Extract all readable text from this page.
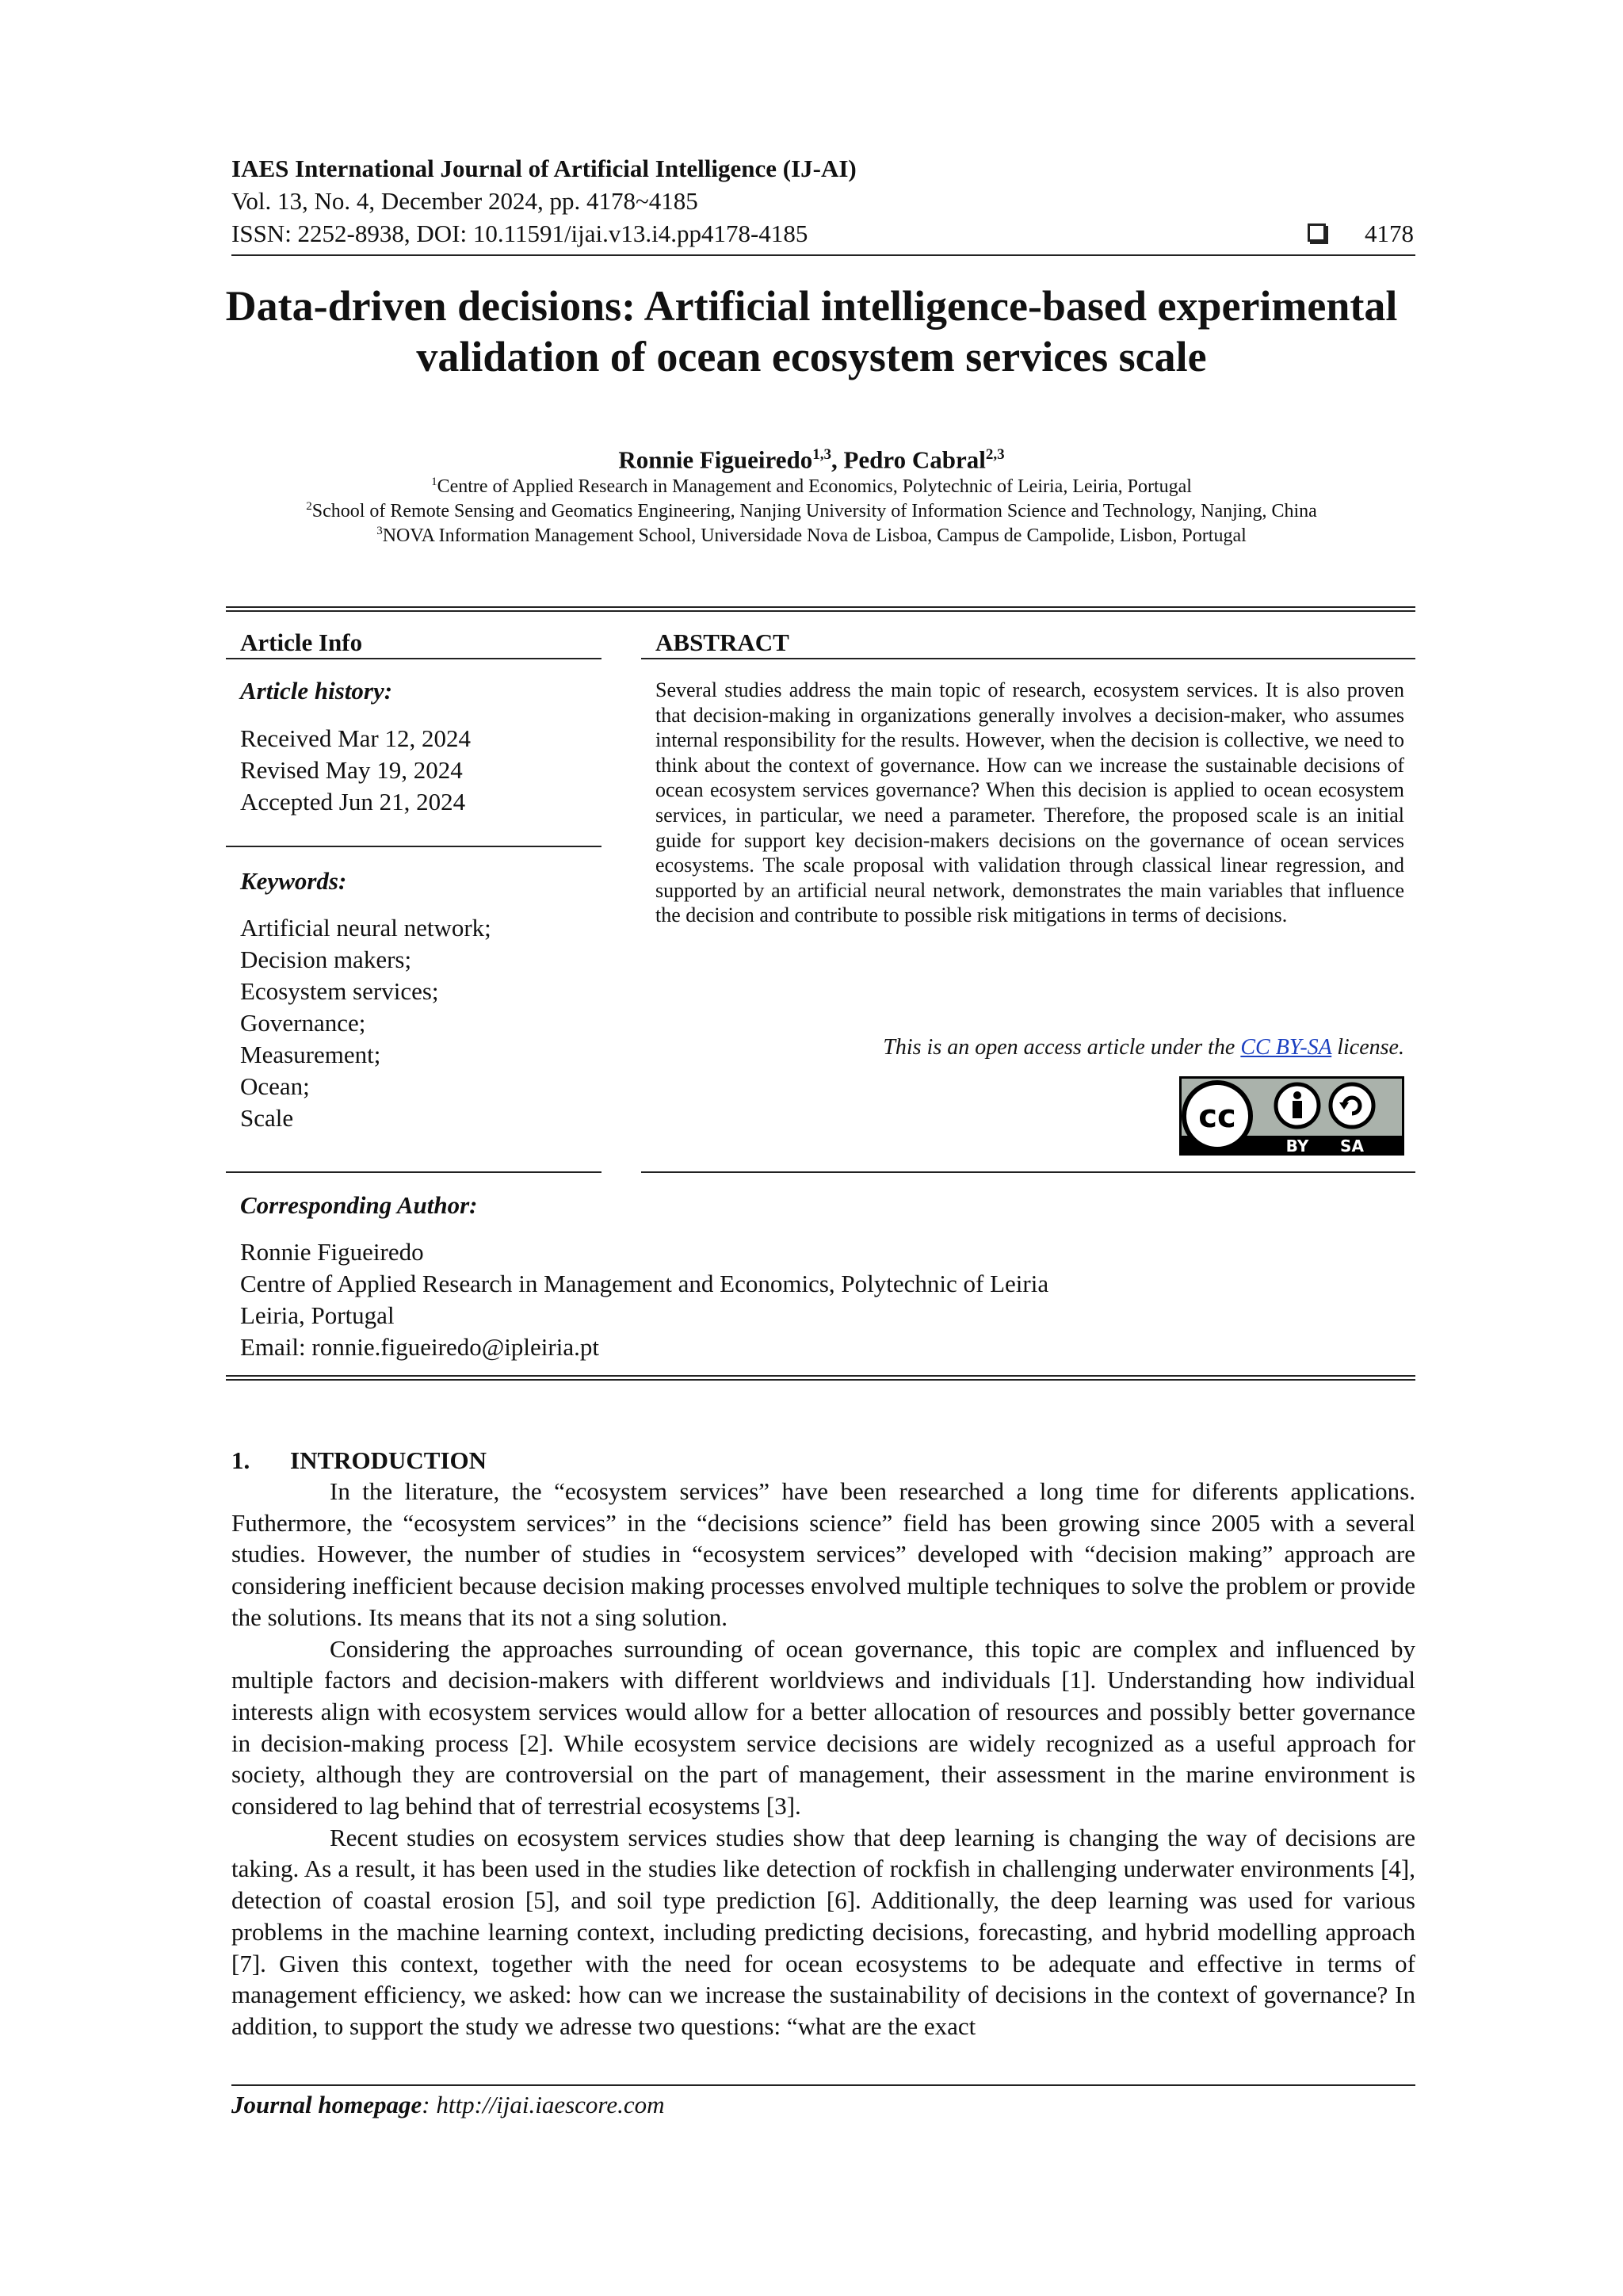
IAES International Journal of Artificial Intelligence (IJ-AI)
Vol. 13, No. 4, December 2024, pp. 4178~4185
ISSN: 2252-8938, DOI: 10.11591/ijai.v13.i4.pp4178-4185	4178
Data-driven decisions: Artificial intelligence-based experimental
validation of ocean ecosystem services scale
Ronnie Figueiredo$^{1,3}$, Pedro Cabral$^{2,3}$
$^1$Centre of Applied Research in Management and Economics, Polytechnic of Leiria, Leiria, Portugal
$^2$School of Remote Sensing and Geomatics Engineering, Nanjing University of Information Science and Technology, Nanjing, China
$^3$NOVA Information Management School, Universidade Nova de Lisboa, Campus de Campolide, Lisbon, Portugal
Article Info
Article history:
Received Mar 12, 2024
Revised May 19, 2024
Accepted Jun 21, 2024
Keywords:
Artificial neural network;
Decision makers;
Ecosystem services;
Governance;
Measurement;
Ocean;
Scale
ABSTRACT
Several studies address the main topic of research, ecosystem services. It is also proven that decision-making in organizations generally involves a decision-maker, who assumes internal responsibility for the results. However, when the decision is collective, we need to think about the context of governance. How can we increase the sustainable decisions of ocean ecosystem services governance? When this decision is applied to ocean ecosystem services, in particular, we need a parameter. Therefore, the proposed scale is an initial guide for support key decision-makers decisions on the governance of ocean services ecosystems. The scale proposal with validation through classical linear regression, and supported by an artificial neural network, demonstrates the main variables that influence the decision and contribute to possible risk mitigations in terms of decisions.
This is an open access article under the CC BY-SA license.
cc
BY SA
Corresponding Author:
Ronnie Figueiredo
Centre of Applied Research in Management and Economics, Polytechnic of Leiria
Leiria, Portugal
Email: ronnie.figueiredo@ipleiria.pt
1. INTRODUCTION

In the literature, the “ecosystem services” have been researched a long time for diferents applications. Futhermore, the “ecosystem services” in the “decisions science” field has been growing since 2005 with a several studies. However, the number of studies in “ecosystem services” developed with “decision making” approach are considering inefficient because decision making processes envolved multiple techniques to solve the problem or provide the solutions. Its means that its not a sing solution.

Considering the approaches surrounding of ocean governance, this topic are complex and influenced by multiple factors and decision-makers with different worldviews and individuals [1]. Understanding how individual interests align with ecosystem services would allow for a better allocation of resources and possibly better governance in decision-making process [2]. While ecosystem service decisions are widely recognized as a useful approach for society, although they are controversial on the part of management, their assessment in the marine environment is considered to lag behind that of terrestrial ecosystems [3].

Recent studies on ecosystem services studies show that deep learning is changing the way of decisions are taking. As a result, it has been used in the studies like detection of rockfish in challenging underwater environments [4], detection of coastal erosion [5], and soil type prediction [6]. Additionally, the deep learning was used for various problems in the machine learning context, including predicting decisions, forecasting, and hybrid modelling approach [7]. Given this context, together with the need for ocean ecosystems to be adequate and effective in terms of management efficiency, we asked: how can we increase the sustainability of decisions in the context of governance? In addition, to support the study we adresse two questions: “what are the exact

Journal homepage: http://ijai.iaescore.com
